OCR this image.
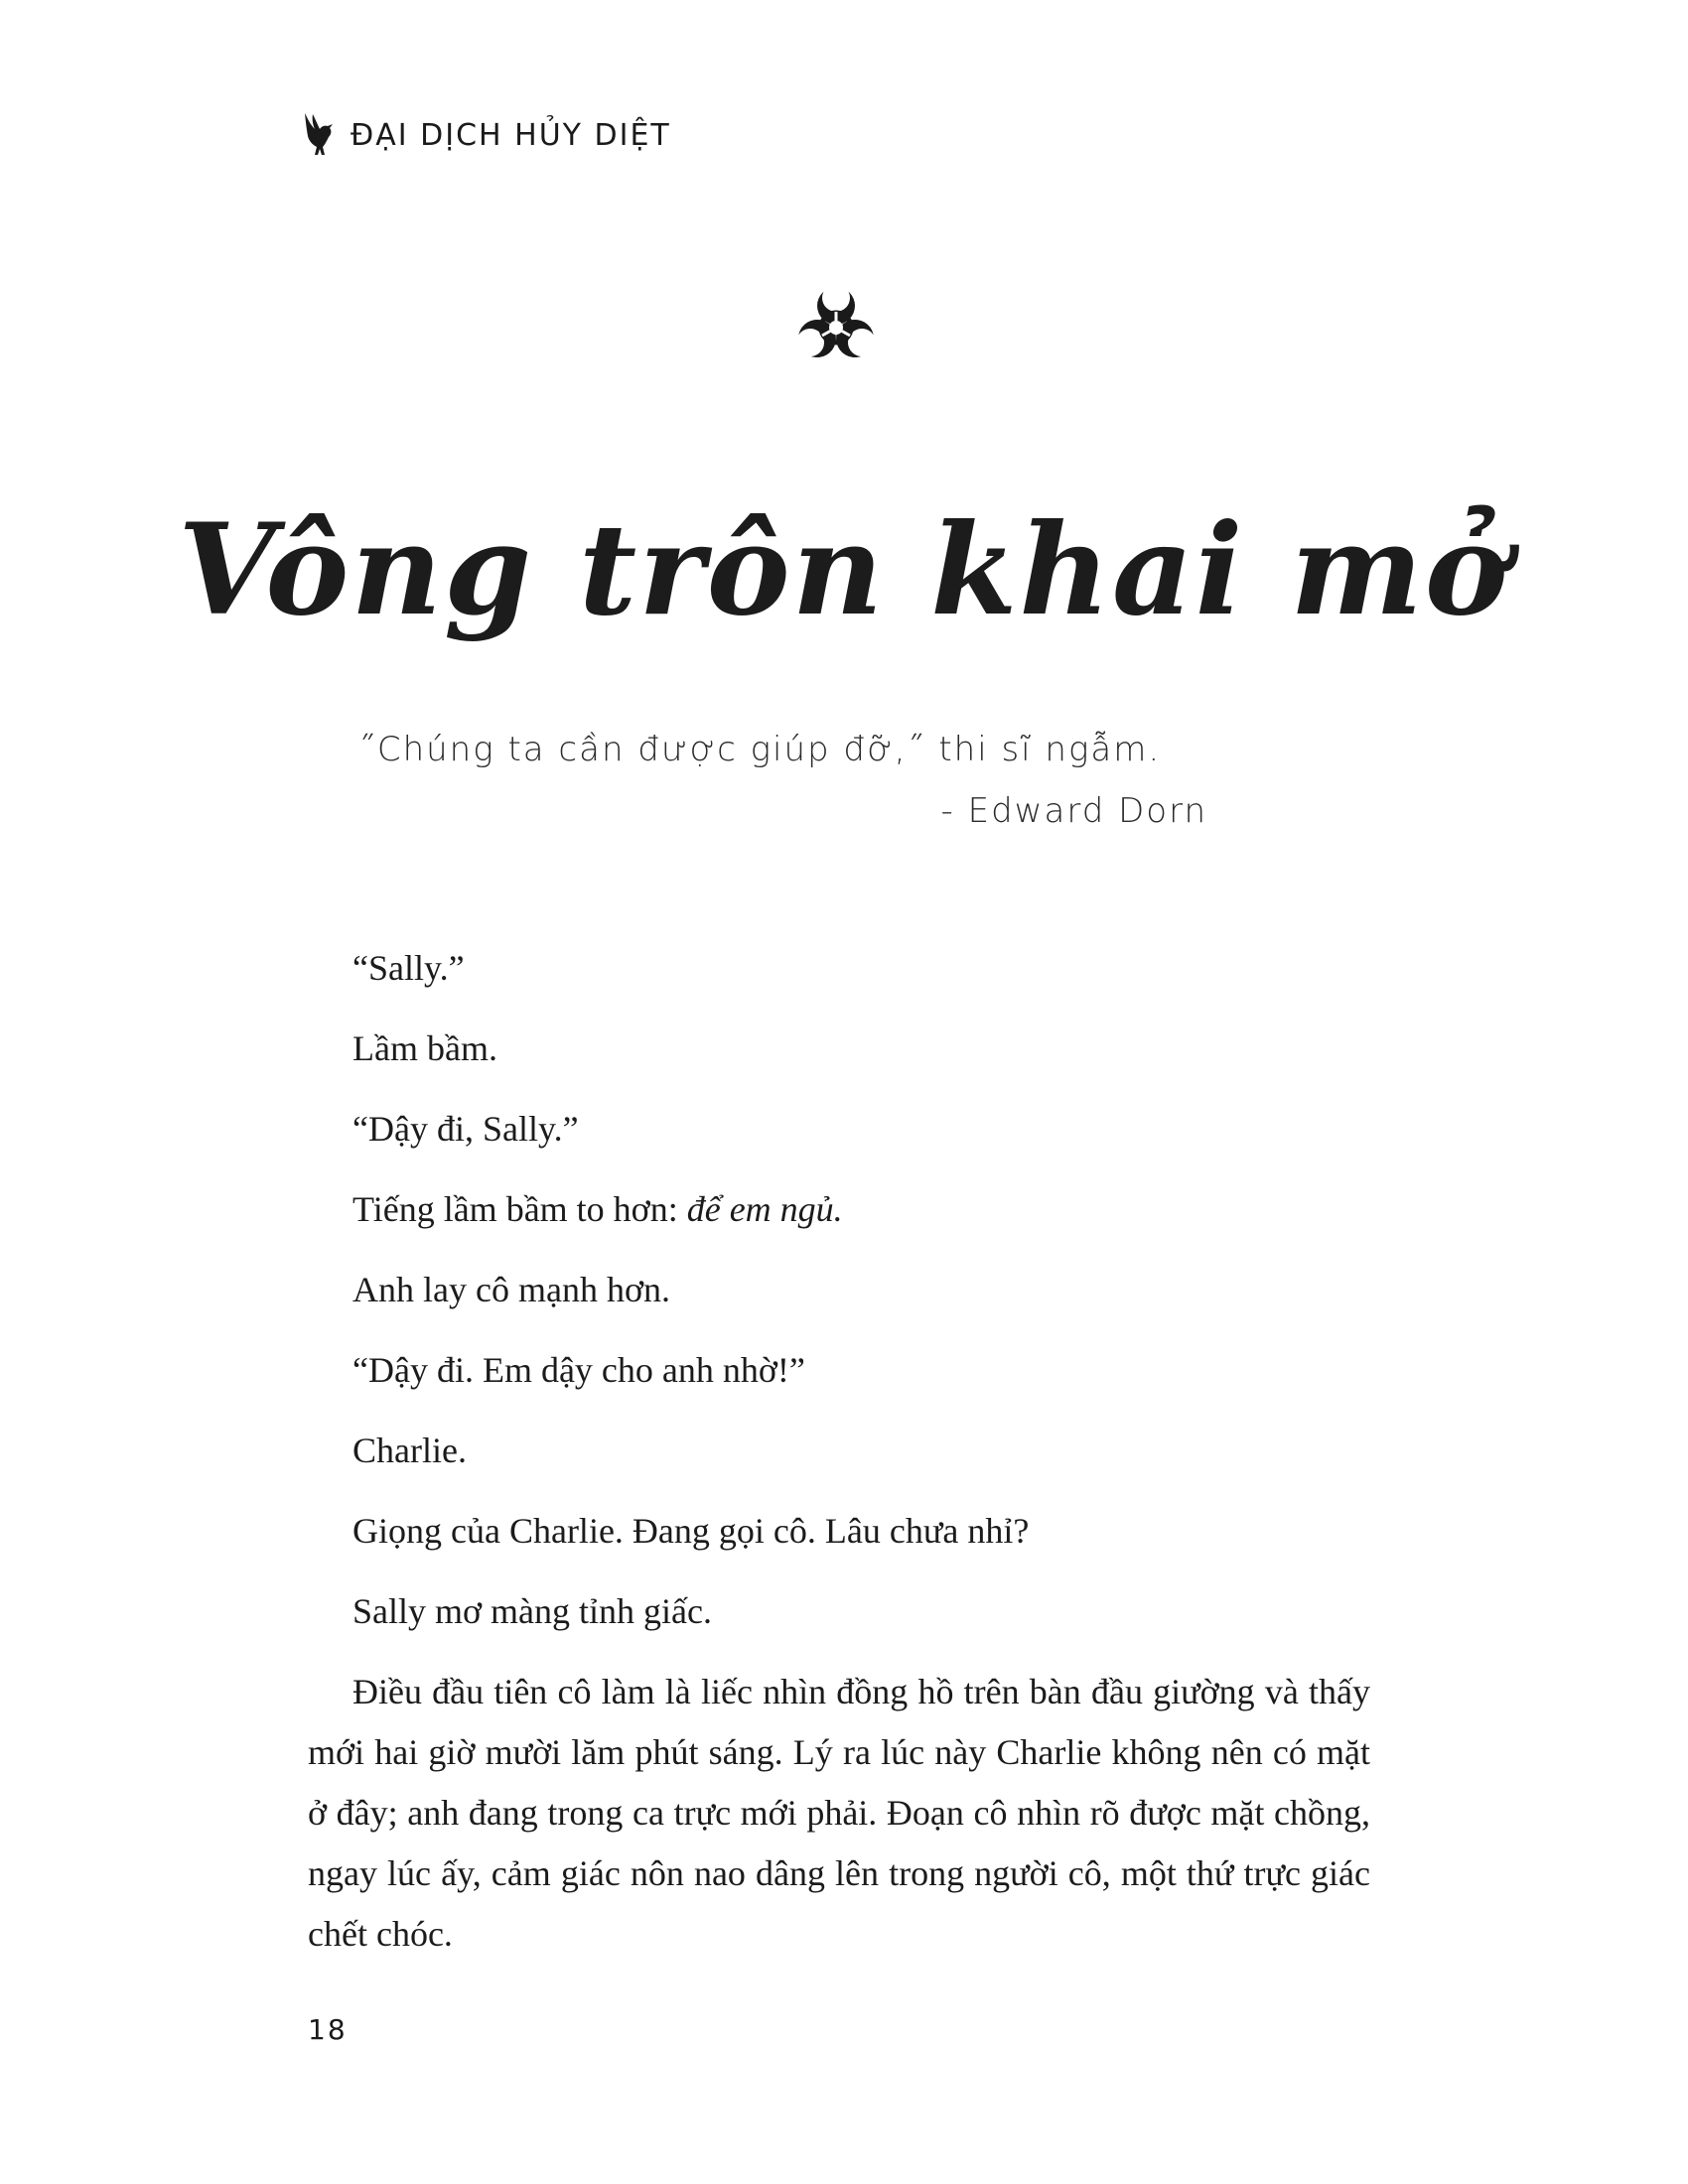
ĐẠI DỊCH HỦY DIỆT
Vông trôn khai mở
˝Chúng ta cần được giúp đỡ,˝ thi sĩ ngẫm.
- Edward Dorn

“Sally.”

Lầm bầm.

“Dậy đi, Sally.”

Tiếng lầm bầm to hơn: để em ngủ.

Anh lay cô mạnh hơn.

“Dậy đi. Em dậy cho anh nhờ!”

Charlie.

Giọng của Charlie. Đang gọi cô. Lâu chưa nhỉ?

Sally mơ màng tỉnh giấc.

Điều đầu tiên cô làm là liếc nhìn đồng hồ trên bàn đầu giường và thấy mới hai giờ mười lăm phút sáng. Lý ra lúc này Charlie không nên có mặt ở đây; anh đang trong ca trực mới phải. Đoạn cô nhìn rõ được mặt chồng, ngay lúc ấy, cảm giác nôn nao dâng lên trong người cô, một thứ trực giác chết chóc.

18
